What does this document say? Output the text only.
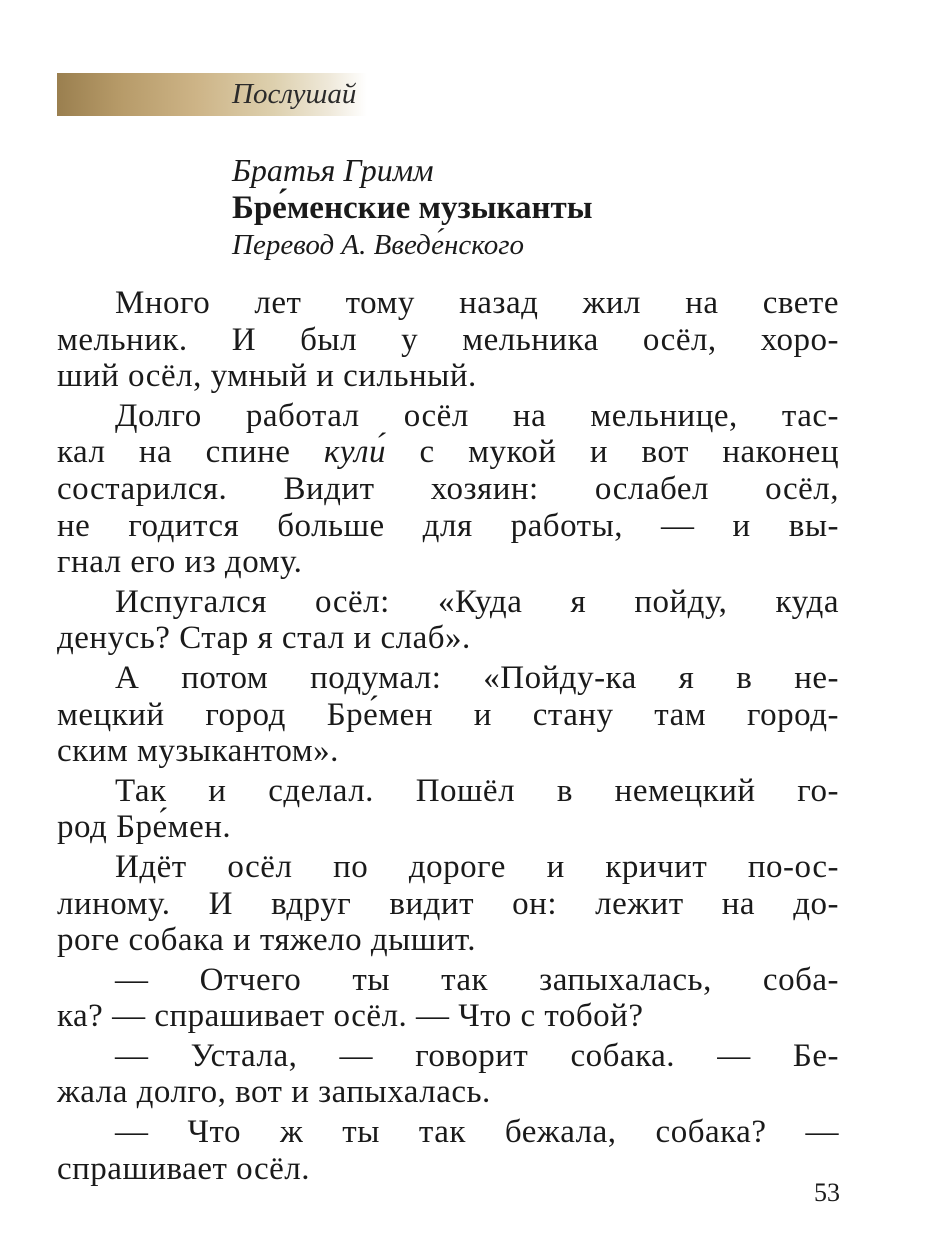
Послушай
Братья Гримм
Бре́менские музыканты
Перевод А. Введе́нского
Много лет тому назад жил на свете
мельник. И был у мельника осёл, хоро-
ший осёл, умный и сильный.
Долго работал осёл на мельнице, тас-
кал на спине кули́ с мукой и вот наконец
состарился. Видит хозяин: ослабел осёл,
не годится больше для работы, — и вы-
гнал его из дому.
Испугался осёл: «Куда я пойду, куда
денусь? Стар я стал и слаб».
А потом подумал: «Пойду-ка я в не-
мецкий город Бре́мен и стану там город-
ским музыкантом».
Так и сделал. Пошёл в немецкий го-
род Бре́мен.
Идёт осёл по дороге и кричит по-ос-
линому. И вдруг видит он: лежит на до-
роге собака и тяжело дышит.
— Отчего ты так запыхалась, соба-
ка? — спрашивает осёл. — Что с тобой?
— Устала, — говорит собака. — Бе-
жала долго, вот и запыхалась.
— Что ж ты так бежала, собака? —
спрашивает осёл.
53
